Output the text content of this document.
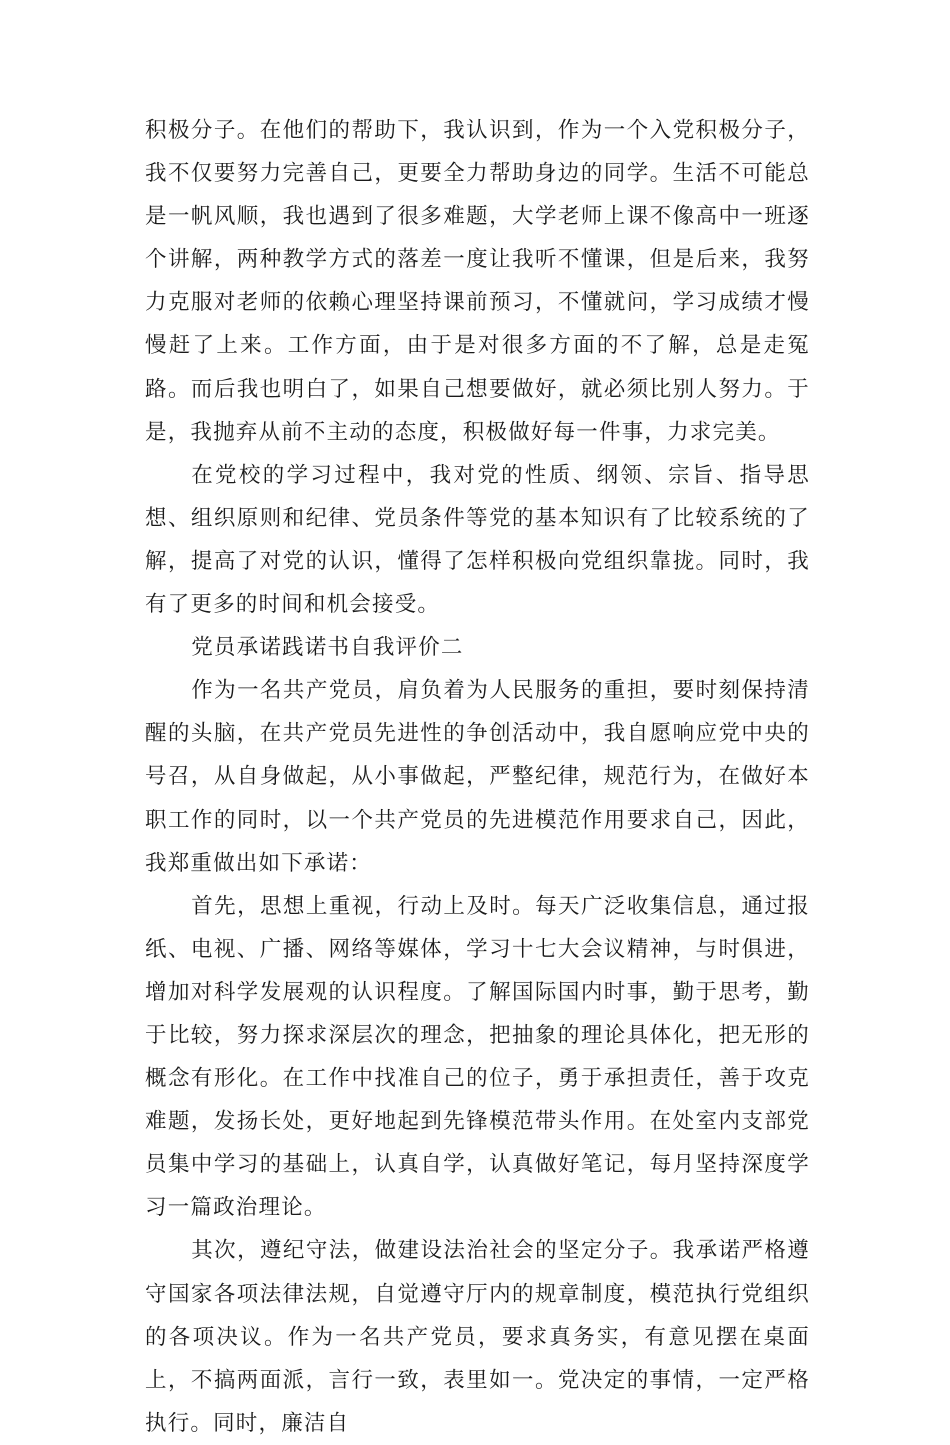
积极分子。在他们的帮助下，我认识到，作为一个入党积极分子，我不仅要努力完善自己，更要全力帮助身边的同学。生活不可能总是一帆风顺，我也遇到了很多难题，大学老师上课不像高中一班逐个讲解，两种教学方式的落差一度让我听不懂课，但是后来，我努力克服对老师的依赖心理坚持课前预习，不懂就问，学习成绩才慢慢赶了上来。工作方面，由于是对很多方面的不了解，总是走冤路。而后我也明白了，如果自己想要做好，就必须比别人努力。于是，我抛弃从前不主动的态度，积极做好每一件事，力求完美。

在党校的学习过程中，我对党的性质、纲领、宗旨、指导思想、组织原则和纪律、党员条件等党的基本知识有了比较系统的了解，提高了对党的认识，懂得了怎样积极向党组织靠拢。同时，我有了更多的时间和机会接受。

党员承诺践诺书自我评价二

作为一名共产党员，肩负着为人民服务的重担，要时刻保持清醒的头脑，在共产党员先进性的争创活动中，我自愿响应党中央的号召，从自身做起，从小事做起，严整纪律，规范行为，在做好本职工作的同时，以一个共产党员的先进模范作用要求自己，因此，我郑重做出如下承诺：

首先，思想上重视，行动上及时。每天广泛收集信息，通过报纸、电视、广播、网络等媒体，学习十七大会议精神，与时俱进，增加对科学发展观的认识程度。了解国际国内时事，勤于思考，勤于比较，努力探求深层次的理念，把抽象的理论具体化，把无形的概念有形化。在工作中找准自己的位子，勇于承担责任，善于攻克难题，发扬长处，更好地起到先锋模范带头作用。在处室内支部党员集中学习的基础上，认真自学，认真做好笔记，每月坚持深度学习一篇政治理论。

其次，遵纪守法，做建设法治社会的坚定分子。我承诺严格遵守国家各项法律法规，自觉遵守厅内的规章制度，模范执行党组织的各项决议。作为一名共产党员，要求真务实，有意见摆在桌面上，不搞两面派，言行一致，表里如一。党决定的事情，一定严格执行。同时，廉洁自
